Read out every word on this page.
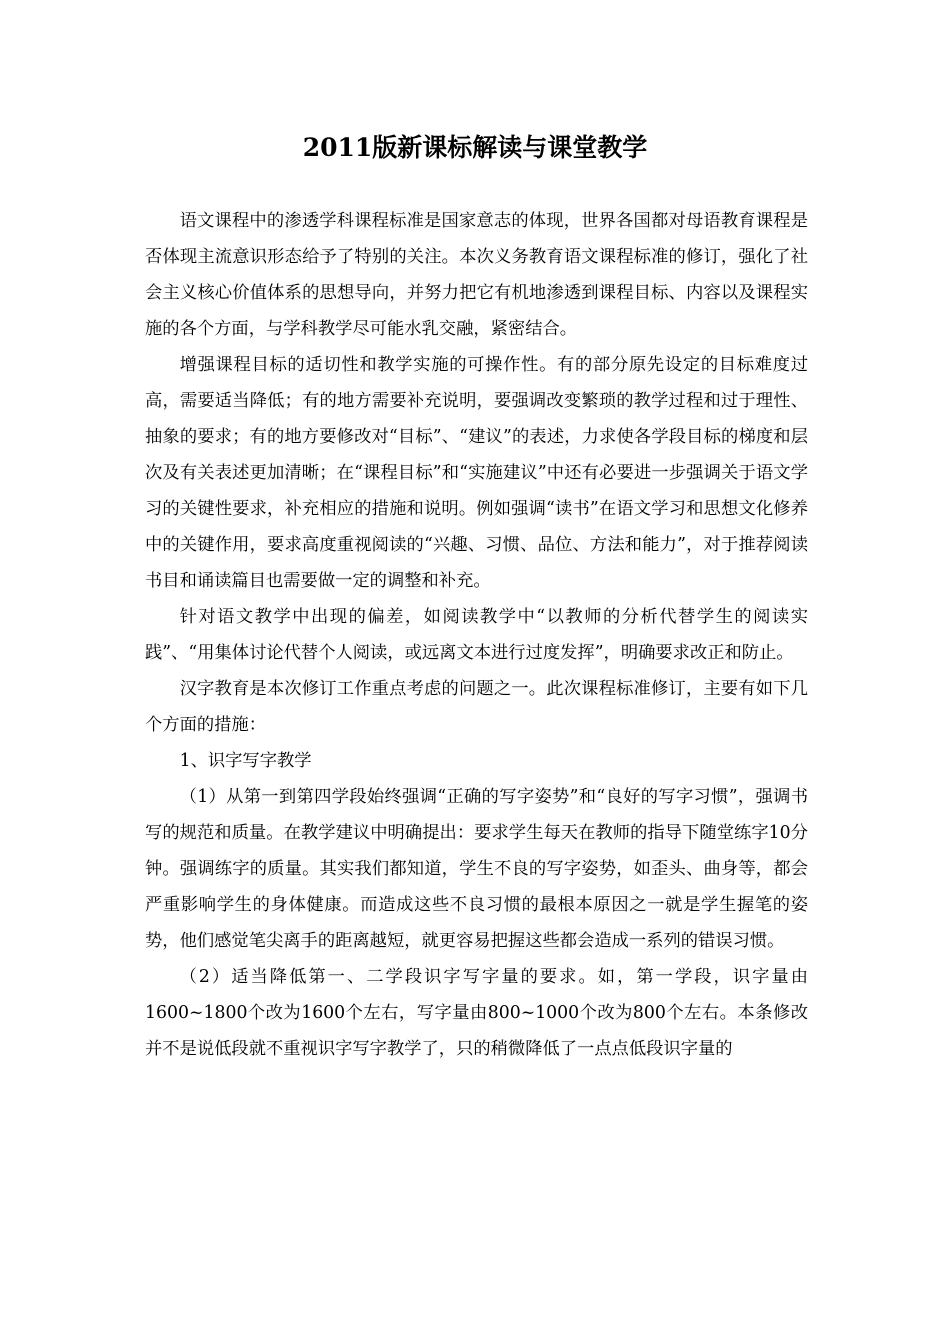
2011版新课标解读与课堂教学

语文课程中的渗透学科课程标准是国家意志的体现，世界各国都对母语教育课程是否体现主流意识形态给予了特别的关注。本次义务教育语文课程标准的修订，强化了社会主义核心价值体系的思想导向，并努力把它有机地渗透到课程目标、内容以及课程实施的各个方面，与学科教学尽可能水乳交融，紧密结合。

增强课程目标的适切性和教学实施的可操作性。有的部分原先设定的目标难度过高，需要适当降低；有的地方需要补充说明，要强调改变繁琐的教学过程和过于理性、抽象的要求；有的地方要修改对“目标”、“建议”的表述，力求使各学段目标的梯度和层次及有关表述更加清晰；在“课程目标”和“实施建议”中还有必要进一步强调关于语文学习的关键性要求，补充相应的措施和说明。例如强调“读书”在语文学习和思想文化修养中的关键作用，要求高度重视阅读的“兴趣、习惯、品位、方法和能力”，对于推荐阅读书目和诵读篇目也需要做一定的调整和补充。

针对语文教学中出现的偏差，如阅读教学中“以教师的分析代替学生的阅读实践”、“用集体讨论代替个人阅读，或远离文本进行过度发挥”，明确要求改正和防止。

汉字教育是本次修订工作重点考虑的问题之一。此次课程标准修订，主要有如下几个方面的措施：

1、识字写字教学

（1）从第一到第四学段始终强调“正确的写字姿势”和“良好的写字习惯”，强调书写的规范和质量。在教学建议中明确提出：要求学生每天在教师的指导下随堂练字10分钟。强调练字的质量。其实我们都知道，学生不良的写字姿势，如歪头、曲身等，都会严重影响学生的身体健康。而造成这些不良习惯的最根本原因之一就是学生握笔的姿势，他们感觉笔尖离手的距离越短，就更容易把握这些都会造成一系列的错误习惯。

（2）适当降低第一、二学段识字写字量的要求。如，第一学段，识字量由1600~1800个改为1600个左右，写字量由800~1000个改为800个左右。本条修改并不是说低段就不重视识字写字教学了，只的稍微降低了一点点低段识字量的
